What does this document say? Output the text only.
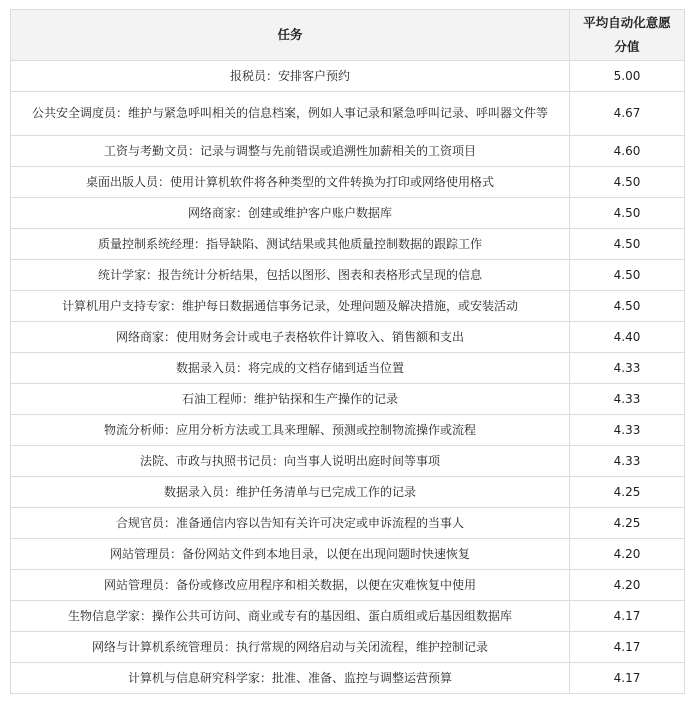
任务	平均自动化意愿分值
报税员：安排客户预约	5.00
公共安全调度员：维护与紧急呼叫相关的信息档案，例如人事记录和紧急呼叫记录、呼叫器文件等	4.67
工资与考勤文员：记录与调整与先前错误或追溯性加薪相关的工资项目	4.60
桌面出版人员：使用计算机软件将各种类型的文件转换为打印或网络使用格式	4.50
网络商家：创建或维护客户账户数据库	4.50
质量控制系统经理：指导缺陷、测试结果或其他质量控制数据的跟踪工作	4.50
统计学家：报告统计分析结果，包括以图形、图表和表格形式呈现的信息	4.50
计算机用户支持专家：维护每日数据通信事务记录，处理问题及解决措施，或安装活动	4.50
网络商家：使用财务会计或电子表格软件计算收入、销售额和支出	4.40
数据录入员：将完成的文档存储到适当位置	4.33
石油工程师：维护钻探和生产操作的记录	4.33
物流分析师：应用分析方法或工具来理解、预测或控制物流操作或流程	4.33
法院、市政与执照书记员：向当事人说明出庭时间等事项	4.33
数据录入员：维护任务清单与已完成工作的记录	4.25
合规官员：准备通信内容以告知有关许可决定或申诉流程的当事人	4.25
网站管理员：备份网站文件到本地目录，以便在出现问题时快速恢复	4.20
网站管理员：备份或修改应用程序和相关数据，以便在灾难恢复中使用	4.20
生物信息学家：操作公共可访问、商业或专有的基因组、蛋白质组或后基因组数据库	4.17
网络与计算机系统管理员：执行常规的网络启动与关闭流程，维护控制记录	4.17
计算机与信息研究科学家：批准、准备、监控与调整运营预算	4.17
